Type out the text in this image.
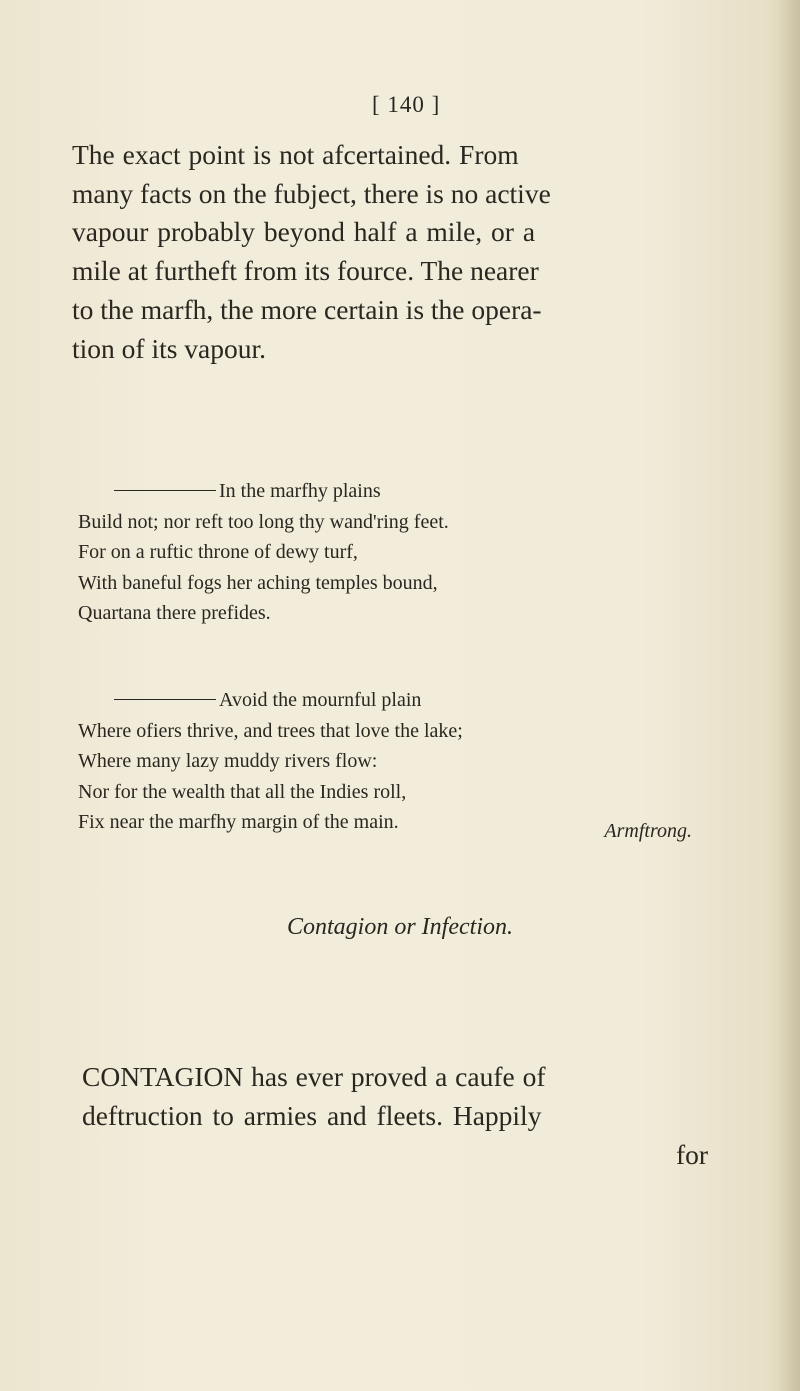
[ 140 ]

The exact point is not afcertained. From
many facts on the fubject, there is no active
vapour probably beyond half a mile, or a
mile at furtheft from its fource. The nearer
to the marfh, the more certain is the opera-
tion of its vapour.

In the marfhy plains
Build not; nor reft too long thy wand'ring feet.
For on a ruftic throne of dewy turf,
With baneful fogs her aching temples bound,
Quartana there prefides.
Avoid the mournful plain
Where ofiers thrive, and trees that love the lake;
Where many lazy muddy rivers flow:
Nor for the wealth that all the Indies roll,
Fix near the marfhy margin of the main.	Armftrong.
Contagion or Infection.

CONTAGION has ever proved a caufe of
deftruction to armies and fleets. Happily

for
